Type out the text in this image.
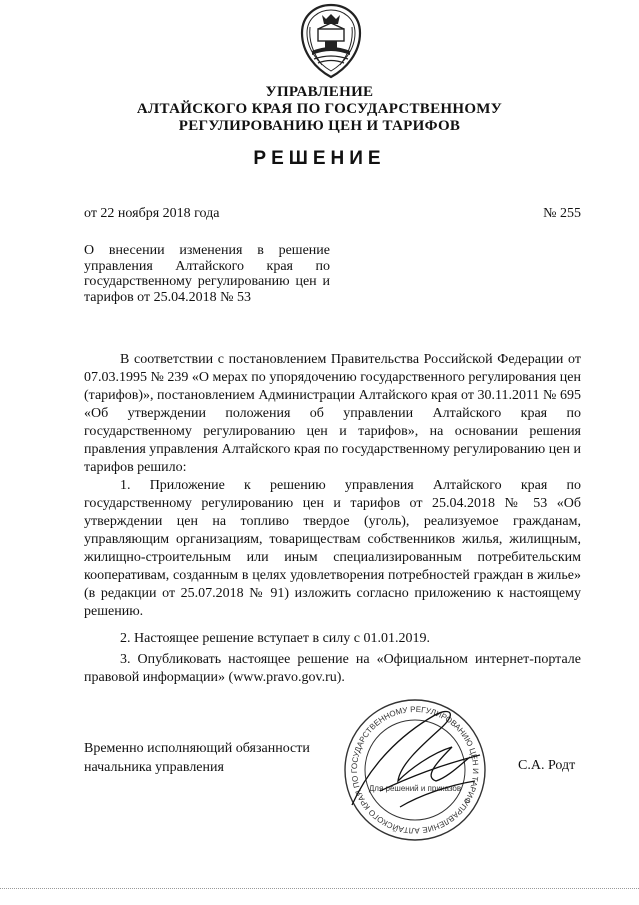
УПРАВЛЕНИЕ
АЛТАЙСКОГО КРАЯ ПО ГОСУДАРСТВЕННОМУ
РЕГУЛИРОВАНИЮ ЦЕН И ТАРИФОВ
РЕШЕНИЕ
от 22 ноября 2018 года	№ 255
О внесении изменения в решение управления Алтайского края по государственному регулированию цен и тарифов от 25.04.2018 № 53
В соответствии с постановлением Правительства Российской Федерации от 07.03.1995 № 239 «О мерах по упорядочению государственного регулирования цен (тарифов)», постановлением Администрации Алтайского края от 30.11.2011 № 695 «Об утверждении положения об управлении Алтайского края по государственному регулированию цен и тарифов», на основании решения правления управления Алтайского края по государственному регулированию цен и тарифов решило:
1. Приложение к решению управления Алтайского края по государственному регулированию цен и тарифов от 25.04.2018 № 53 «Об утверждении цен на топливо твердое (уголь), реализуемое гражданам, управляющим организациям, товариществам собственников жилья, жилищным, жилищно-строительным или иным специализированным потребительским кооперативам, созданным в целях удовлетворения потребностей граждан в жилье» (в редакции от 25.07.2018 № 91) изложить согласно приложению к настоящему решению.
2. Настоящее решение вступает в силу с 01.01.2019.
3. Опубликовать настоящее решение на «Официальном интернет-портале правовой информации» (www.pravo.gov.ru).
Временно исполняющий обязанности
начальника управления
УПРАВЛЕНИЕ АЛТАЙСКОГО КРАЯ ПО ГОСУДАРСТВЕННОМУ РЕГУЛИРОВАНИЮ ЦЕН И ТАРИФОВ
Для решений и приказов
С.А. Родт
